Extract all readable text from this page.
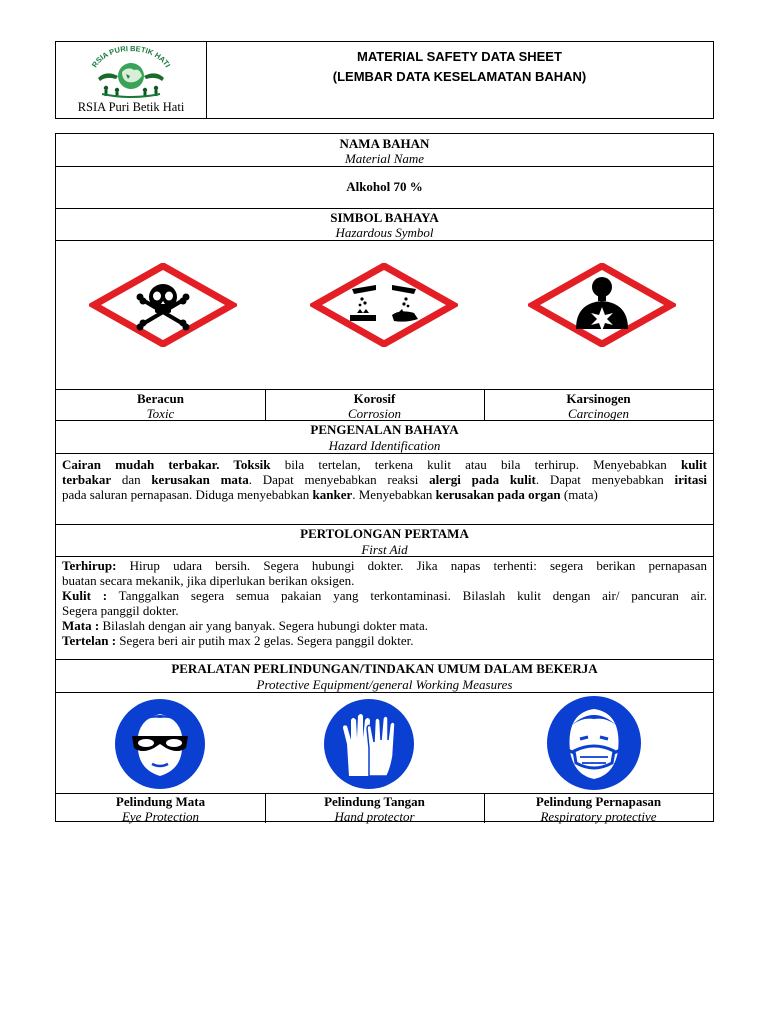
RSIA PURI BETIK HATI
RSIA Puri Betik Hati
MATERIAL SAFETY DATA SHEET
(LEMBAR DATA KESELAMATAN BAHAN)
NAMA BAHAN
Material Name
Alkohol 70 %
SIMBOL BAHAYA
Hazardous Symbol
Beracun
Toxic
Korosif
Corrosion
Karsinogen
Carcinogen
PENGENALAN BAHAYA
Hazard Identification
Cairan mudah terbakar. Toksik bila tertelan, terkena kulit atau bila terhirup. Menyebabkan kulit
terbakar dan kerusakan mata. Dapat menyebabkan reaksi alergi pada kulit. Dapat menyebabkan iritasi
pada saluran pernapasan. Diduga menyebabkan kanker. Menyebabkan kerusakan pada organ (mata)
PERTOLONGAN PERTAMA
First Aid
Terhirup: Hirup udara bersih. Segera hubungi dokter. Jika napas terhenti: segera berikan pernapasan
buatan secara mekanik, jika diperlukan berikan oksigen.
Kulit : Tanggalkan segera semua pakaian yang terkontaminasi. Bilaslah kulit dengan air/ pancuran air.
Segera panggil dokter.
Mata : Bilaslah dengan air yang banyak. Segera hubungi dokter mata.
Tertelan : Segera beri air putih max 2 gelas. Segera panggil dokter.
PERALATAN PERLINDUNGAN/TINDAKAN UMUM DALAM BEKERJA
Protective Equipment/general Working Measures
Pelindung Mata
Eye Protection
Pelindung Tangan
Hand protector
Pelindung Pernapasan
Respiratory protective
